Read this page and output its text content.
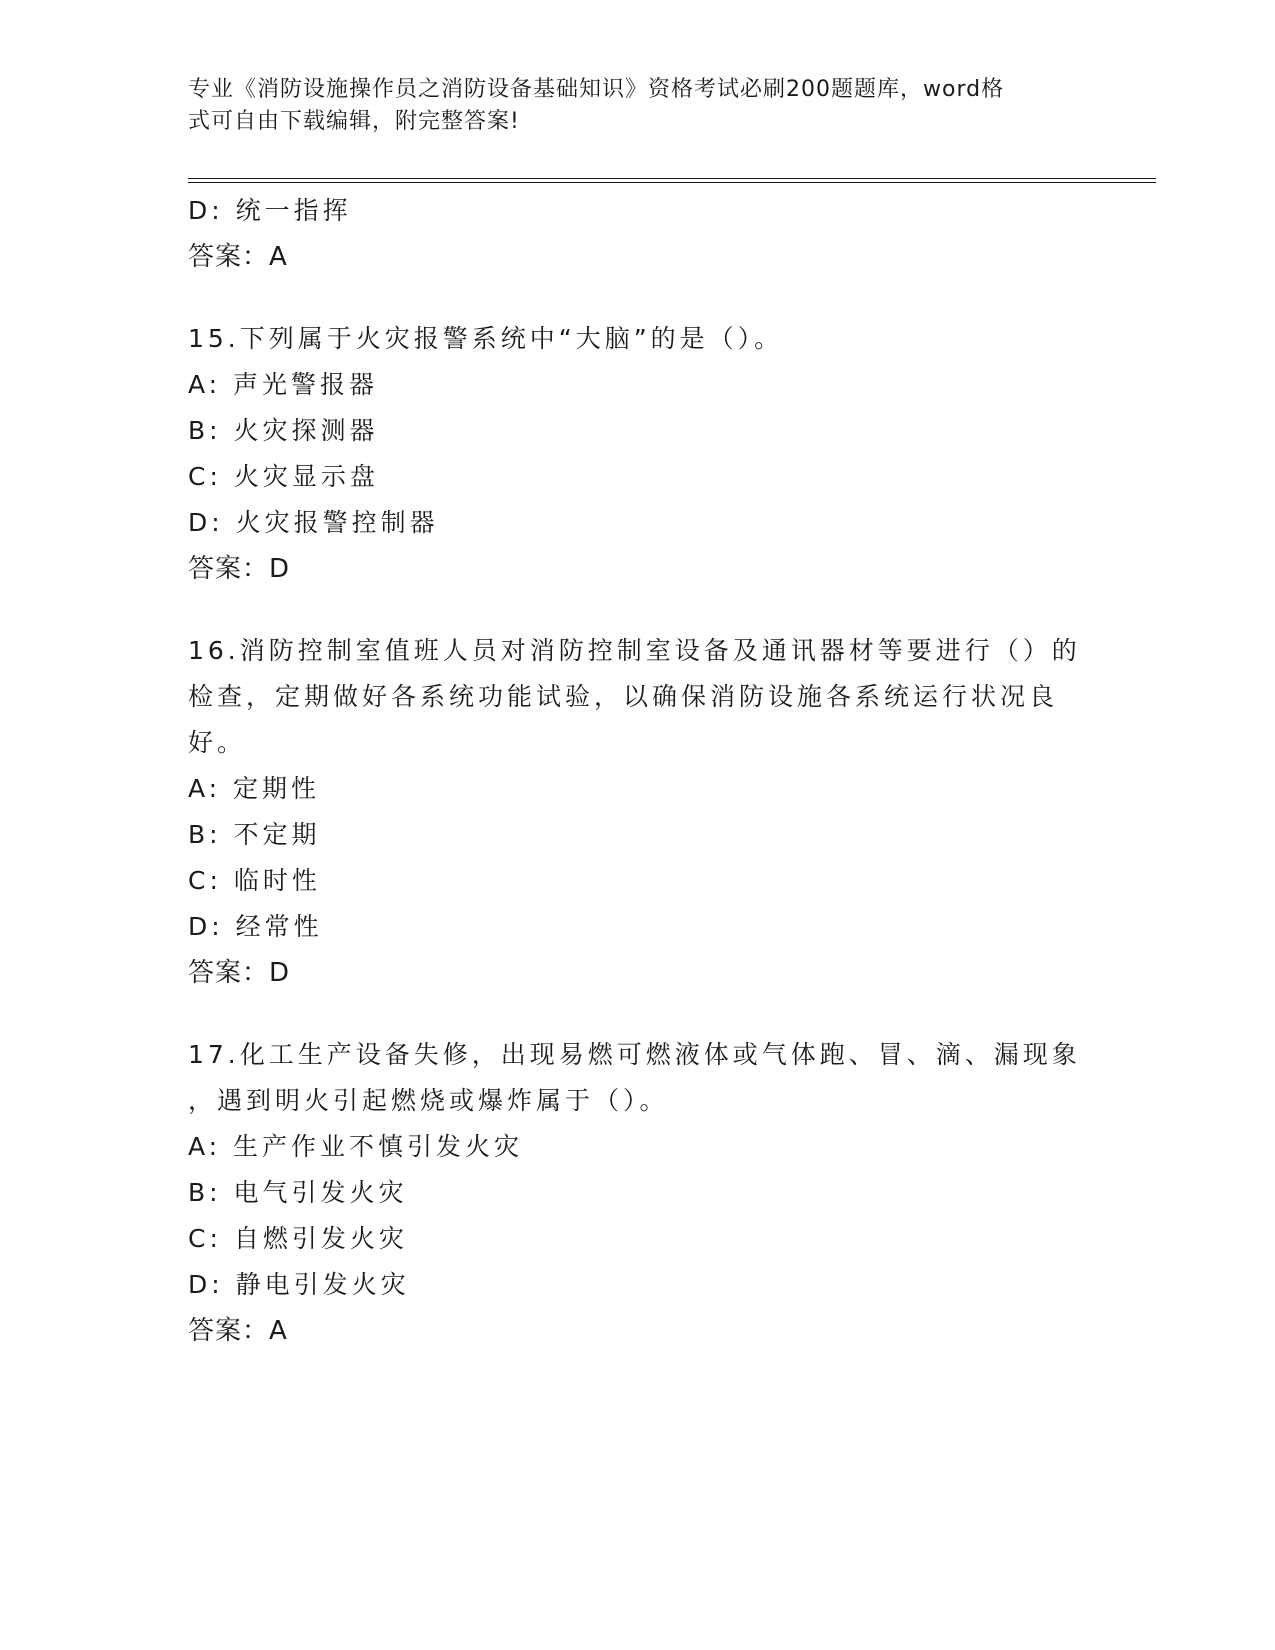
专业《消防设施操作员之消防设备基础知识》资格考试必刷200题题库，word格
式可自由下载编辑，附完整答案!
D: 统一指挥
答案：A
15.下列属于火灾报警系统中“大脑”的是（）。
A: 声光警报器
B: 火灾探测器
C: 火灾显示盘
D: 火灾报警控制器
答案：D
16.消防控制室值班人员对消防控制室设备及通讯器材等要进行（）的
检查，定期做好各系统功能试验，以确保消防设施各系统运行状况良
好。
A: 定期性
B: 不定期
C: 临时性
D: 经常性
答案：D
17.化工生产设备失修，出现易燃可燃液体或气体跑、冒、滴、漏现象
，遇到明火引起燃烧或爆炸属于（）。
A: 生产作业不慎引发火灾
B: 电气引发火灾
C: 自燃引发火灾
D: 静电引发火灾
答案：A
